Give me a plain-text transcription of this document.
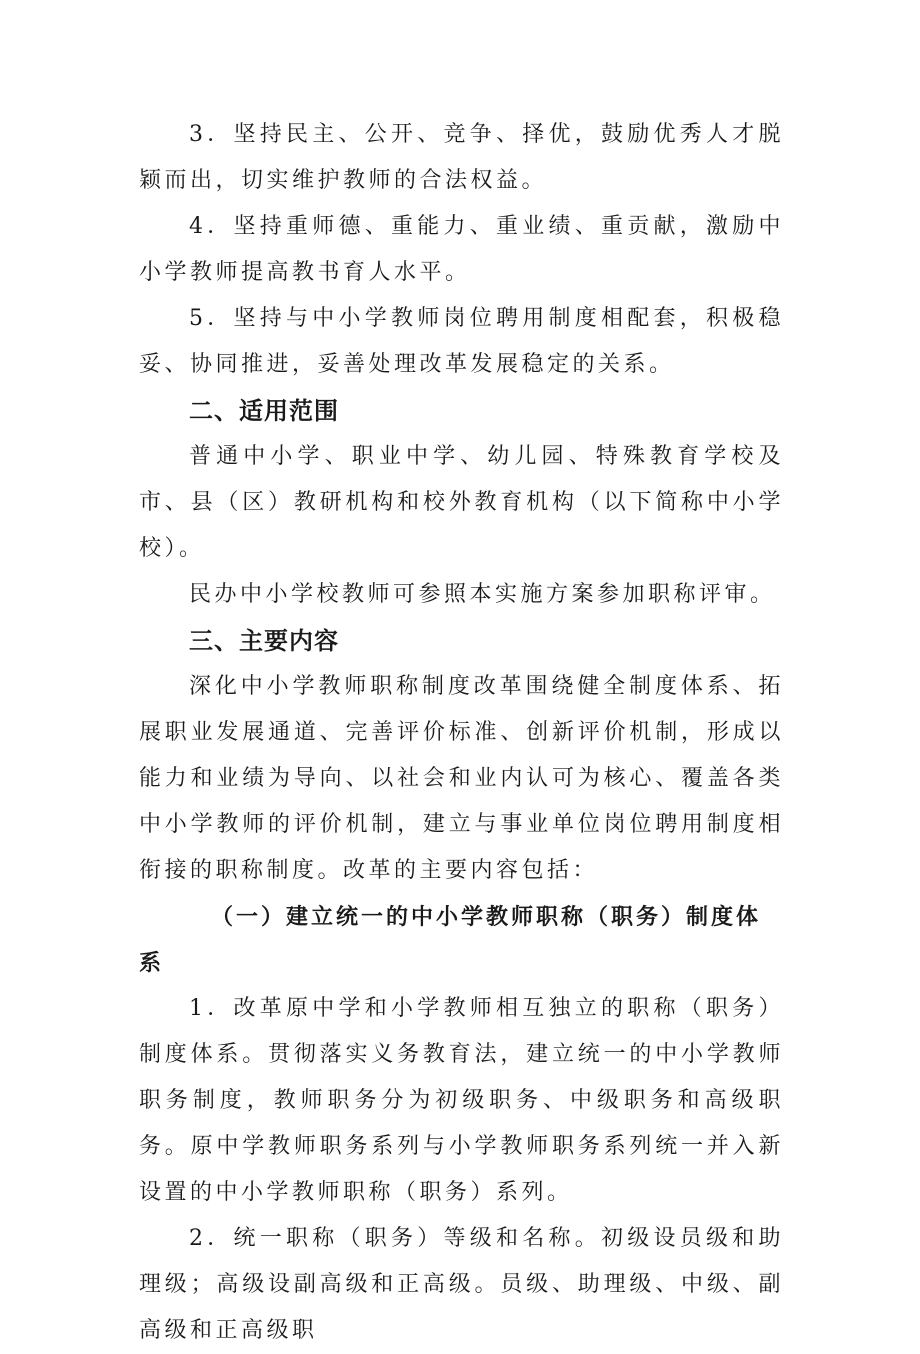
3．坚持民主、公开、竞争、择优，鼓励优秀人才脱颖而出，切实维护教师的合法权益。

4．坚持重师德、重能力、重业绩、重贡献，激励中小学教师提高教书育人水平。

5．坚持与中小学教师岗位聘用制度相配套，积极稳妥、协同推进，妥善处理改革发展稳定的关系。

二、适用范围

普通中小学、职业中学、幼儿园、特殊教育学校及市、县（区）教研机构和校外教育机构（以下简称中小学校）。

民办中小学校教师可参照本实施方案参加职称评审。

三、主要内容

深化中小学教师职称制度改革围绕健全制度体系、拓展职业发展通道、完善评价标准、创新评价机制，形成以能力和业绩为导向、以社会和业内认可为核心、覆盖各类中小学教师的评价机制，建立与事业单位岗位聘用制度相衔接的职称制度。改革的主要内容包括：

（一）建立统一的中小学教师职称（职务）制度体系

1．改革原中学和小学教师相互独立的职称（职务）制度体系。贯彻落实义务教育法，建立统一的中小学教师职务制度，教师职务分为初级职务、中级职务和高级职务。原中学教师职务系列与小学教师职务系列统一并入新设置的中小学教师职称（职务）系列。

2．统一职称（职务）等级和名称。初级设员级和助理级；高级设副高级和正高级。员级、助理级、中级、副高级和正高级职
